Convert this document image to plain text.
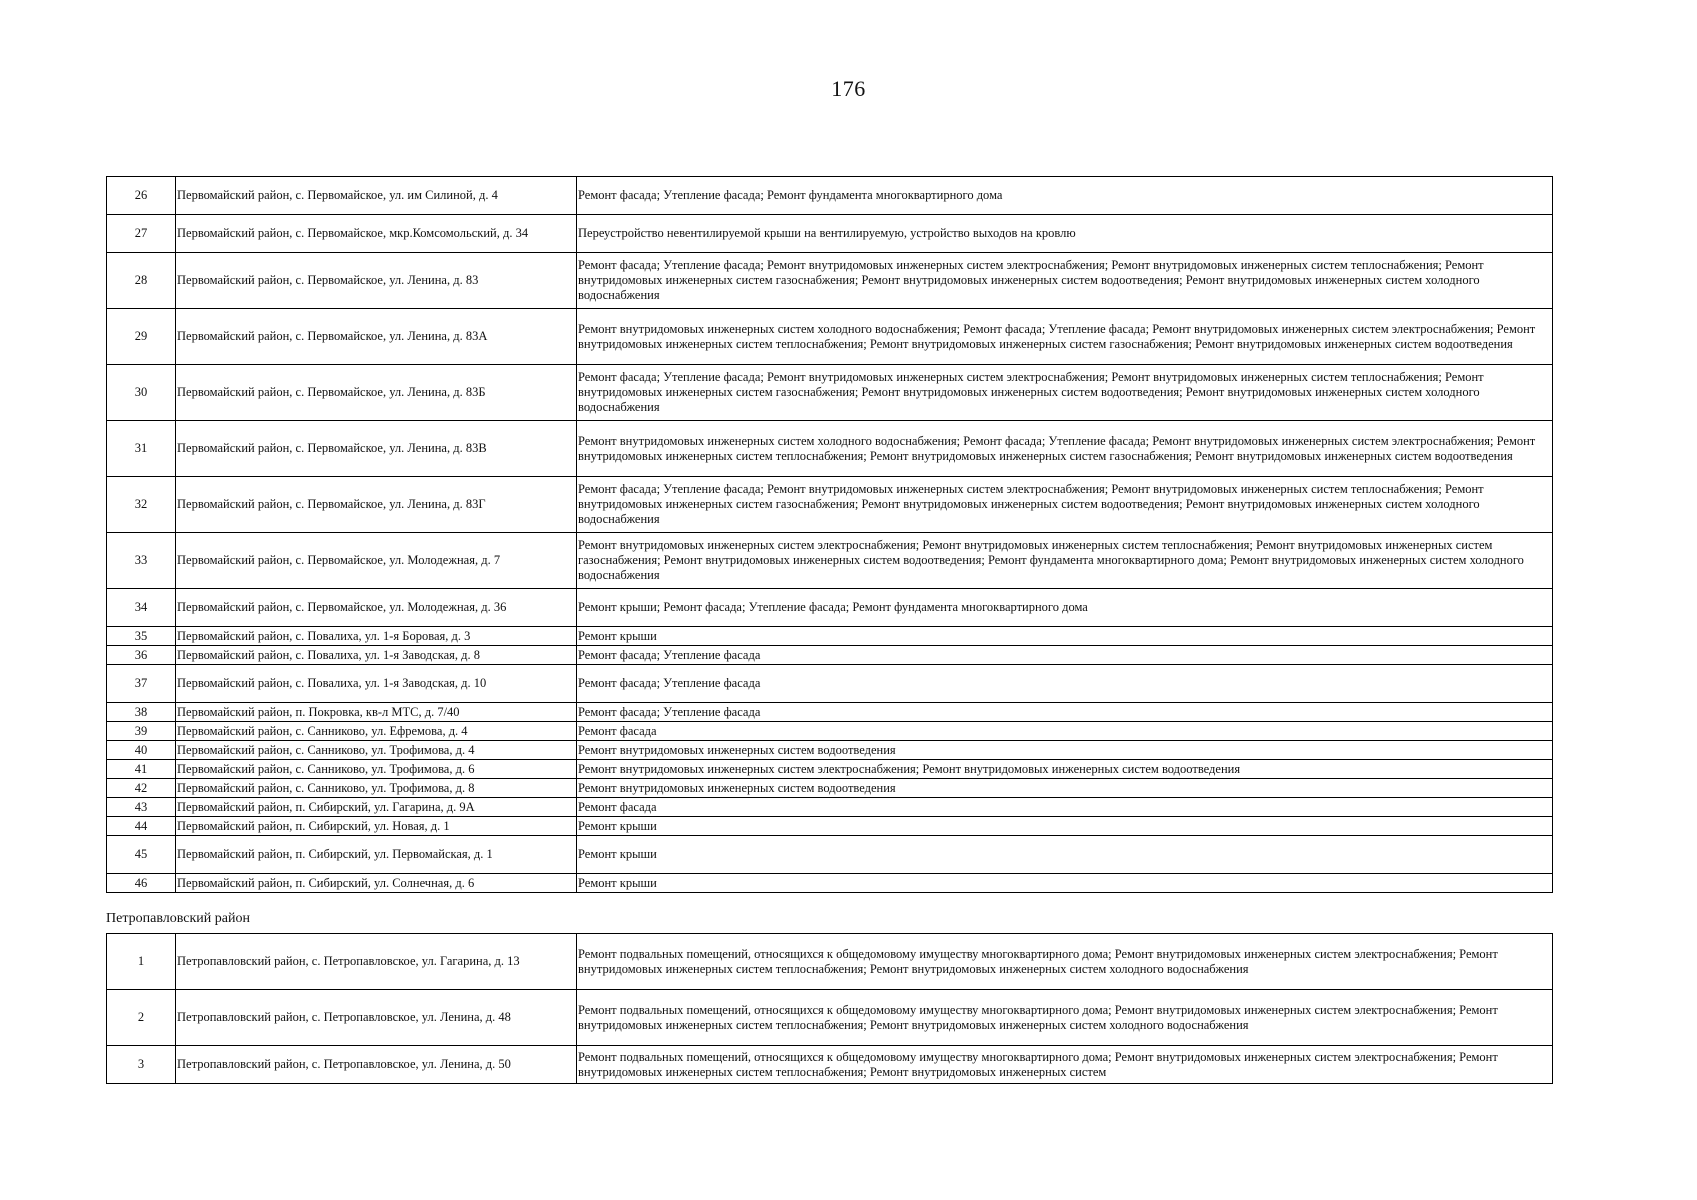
176
26	Первомайский район, с. Первомайское, ул. им Силиной, д. 4	Ремонт фасада; Утепление фасада; Ремонт фундамента многоквартирного дома
27	Первомайский район, с. Первомайское, мкр.Комсомольский, д. 34	Переустройство невентилируемой крыши на вентилируемую, устройство выходов на кровлю
28	Первомайский район, с. Первомайское, ул. Ленина, д. 83	Ремонт фасада; Утепление фасада; Ремонт внутридомовых инженерных систем электроснабжения; Ремонт внутридомовых инженерных систем теплоснабжения; Ремонт внутридомовых инженерных систем газоснабжения; Ремонт внутридомовых инженерных систем водоотведения; Ремонт внутридомовых инженерных систем холодного водоснабжения
29	Первомайский район, с. Первомайское, ул. Ленина, д. 83А	Ремонт внутридомовых инженерных систем холодного водоснабжения; Ремонт фасада; Утепление фасада; Ремонт внутридомовых инженерных систем электроснабжения; Ремонт внутридомовых инженерных систем теплоснабжения; Ремонт внутридомовых инженерных систем газоснабжения; Ремонт внутридомовых инженерных систем водоотведения
30	Первомайский район, с. Первомайское, ул. Ленина, д. 83Б	Ремонт фасада; Утепление фасада; Ремонт внутридомовых инженерных систем электроснабжения; Ремонт внутридомовых инженерных систем теплоснабжения; Ремонт внутридомовых инженерных систем газоснабжения; Ремонт внутридомовых инженерных систем водоотведения; Ремонт внутридомовых инженерных систем холодного водоснабжения
31	Первомайский район, с. Первомайское, ул. Ленина, д. 83В	Ремонт внутридомовых инженерных систем холодного водоснабжения; Ремонт фасада; Утепление фасада; Ремонт внутридомовых инженерных систем электроснабжения; Ремонт внутридомовых инженерных систем теплоснабжения; Ремонт внутридомовых инженерных систем газоснабжения; Ремонт внутридомовых инженерных систем водоотведения
32	Первомайский район, с. Первомайское, ул. Ленина, д. 83Г	Ремонт фасада; Утепление фасада; Ремонт внутридомовых инженерных систем электроснабжения; Ремонт внутридомовых инженерных систем теплоснабжения; Ремонт внутридомовых инженерных систем газоснабжения; Ремонт внутридомовых инженерных систем водоотведения; Ремонт внутридомовых инженерных систем холодного водоснабжения
33	Первомайский район, с. Первомайское, ул. Молодежная, д. 7	Ремонт внутридомовых инженерных систем электроснабжения; Ремонт внутридомовых инженерных систем теплоснабжения; Ремонт внутридомовых инженерных систем газоснабжения; Ремонт внутридомовых инженерных систем водоотведения; Ремонт фундамента многоквартирного дома; Ремонт внутридомовых инженерных систем холодного водоснабжения
34	Первомайский район, с. Первомайское, ул. Молодежная, д. 36	Ремонт крыши; Ремонт фасада; Утепление фасада; Ремонт фундамента многоквартирного дома
35	Первомайский район, с. Повалиха, ул. 1-я Боровая, д. 3	Ремонт крыши
36	Первомайский район, с. Повалиха, ул. 1-я Заводская, д. 8	Ремонт фасада; Утепление фасада
37	Первомайский район, с. Повалиха, ул. 1-я Заводская, д. 10	Ремонт фасада; Утепление фасада
38	Первомайский район, п. Покровка, кв-л МТС, д. 7/40	Ремонт фасада; Утепление фасада
39	Первомайский район, с. Санниково, ул. Ефремова, д. 4	Ремонт фасада
40	Первомайский район, с. Санниково, ул. Трофимова, д. 4	Ремонт внутридомовых инженерных систем водоотведения
41	Первомайский район, с. Санниково, ул. Трофимова, д. 6	Ремонт внутридомовых инженерных систем электроснабжения; Ремонт внутридомовых инженерных систем водоотведения
42	Первомайский район, с. Санниково, ул. Трофимова, д. 8	Ремонт внутридомовых инженерных систем водоотведения
43	Первомайский район, п. Сибирский, ул. Гагарина, д. 9А	Ремонт фасада
44	Первомайский район, п. Сибирский, ул. Новая, д. 1	Ремонт крыши
45	Первомайский район, п. Сибирский, ул. Первомайская, д. 1	Ремонт крыши
46	Первомайский район, п. Сибирский, ул. Солнечная, д. 6	Ремонт крыши

Петропавловский район
1	Петропавловский район, с. Петропавловское, ул. Гагарина, д. 13	Ремонт подвальных помещений, относящихся к общедомовому имуществу многоквартирного дома; Ремонт внутридомовых инженерных систем электроснабжения; Ремонт внутридомовых инженерных систем теплоснабжения; Ремонт внутридомовых инженерных систем холодного водоснабжения
2	Петропавловский район, с. Петропавловское, ул. Ленина, д. 48	Ремонт подвальных помещений, относящихся к общедомовому имуществу многоквартирного дома; Ремонт внутридомовых инженерных систем электроснабжения; Ремонт внутридомовых инженерных систем теплоснабжения; Ремонт внутридомовых инженерных систем холодного водоснабжения
3	Петропавловский район, с. Петропавловское, ул. Ленина, д. 50	Ремонт подвальных помещений, относящихся к общедомовому имуществу многоквартирного дома; Ремонт внутридомовых инженерных систем электроснабжения; Ремонт внутридомовых инженерных систем теплоснабжения; Ремонт внутридомовых инженерных систем
